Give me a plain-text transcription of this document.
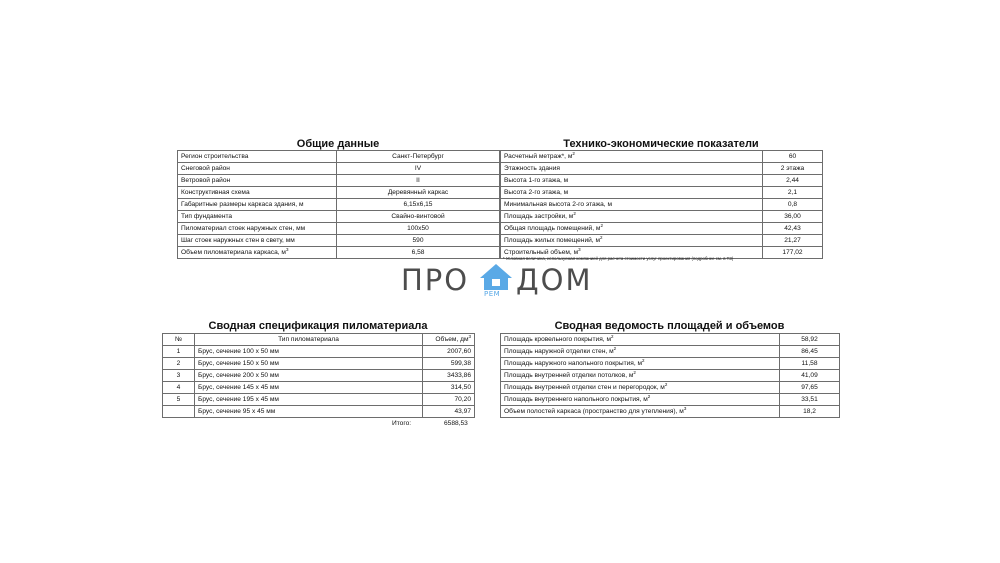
Общие данные
Регион строительства	Санкт-Петербург
Снеговой район	IV
Ветровой район	II
Конструктивная схема	Деревянный каркас
Габаритные размеры каркаса здания, м	6,15х6,15
Тип фундамента	Свайно-винтовой
Пиломатериал стоек наружных стен, мм	100х50
Шаг стоек наружных стен в свету, мм	590
Объем пиломатериала каркаса, $м^3$	6,58
Технико-экономические показатели
Расчетный метраж*, $м^2$	60
Этажность здания	2 этажа
Высота 1-го этажа, м	2,44
Высота 2-го этажа, м	2,1
Минимальная высота 2-го этажа, м	0,8
Площадь застройки, $м^2$	36,00
Общая площадь помещений, $м^2$	42,43
Площадь жилых помещений, $м^2$	21,27
Строительный объем, $м^3$	177,02
* Условная величина, используемая компанией для расчета стоимости услуг проектирования (подробнее см. в ТЗ)
ПРО РЕМ ДОМ
Сводная спецификация пиломатериала
№	Тип пиломатериала	Объем, $дм^3$
1	Брус, сечение 100 х 50 мм	2007,60
2	Брус, сечение 150 х 50 мм	599,38
3	Брус, сечение 200 х 50 мм	3433,86
4	Брус, сечение 145 х 45 мм	314,50
5	Брус, сечение 195 х 45 мм	70,20
	Брус, сечение 95 х 45 мм	43,97
Итого:	6588,53
Сводная ведомость площадей и объемов
Площадь кровельного покрытия, $м^2$	58,92
Площадь наружной отделки стен, $м^2$	86,45
Площадь наружного напольного покрытия, $м^2$	11,58
Площадь внутренней отделки потолков, $м^2$	41,09
Площадь внутренней отделки стен и перегородок, $м^2$	97,65
Площадь внутреннего напольного покрытия, $м^2$	33,51
Объем полостей каркаса (пространство для утепления), $м^3$	18,2
